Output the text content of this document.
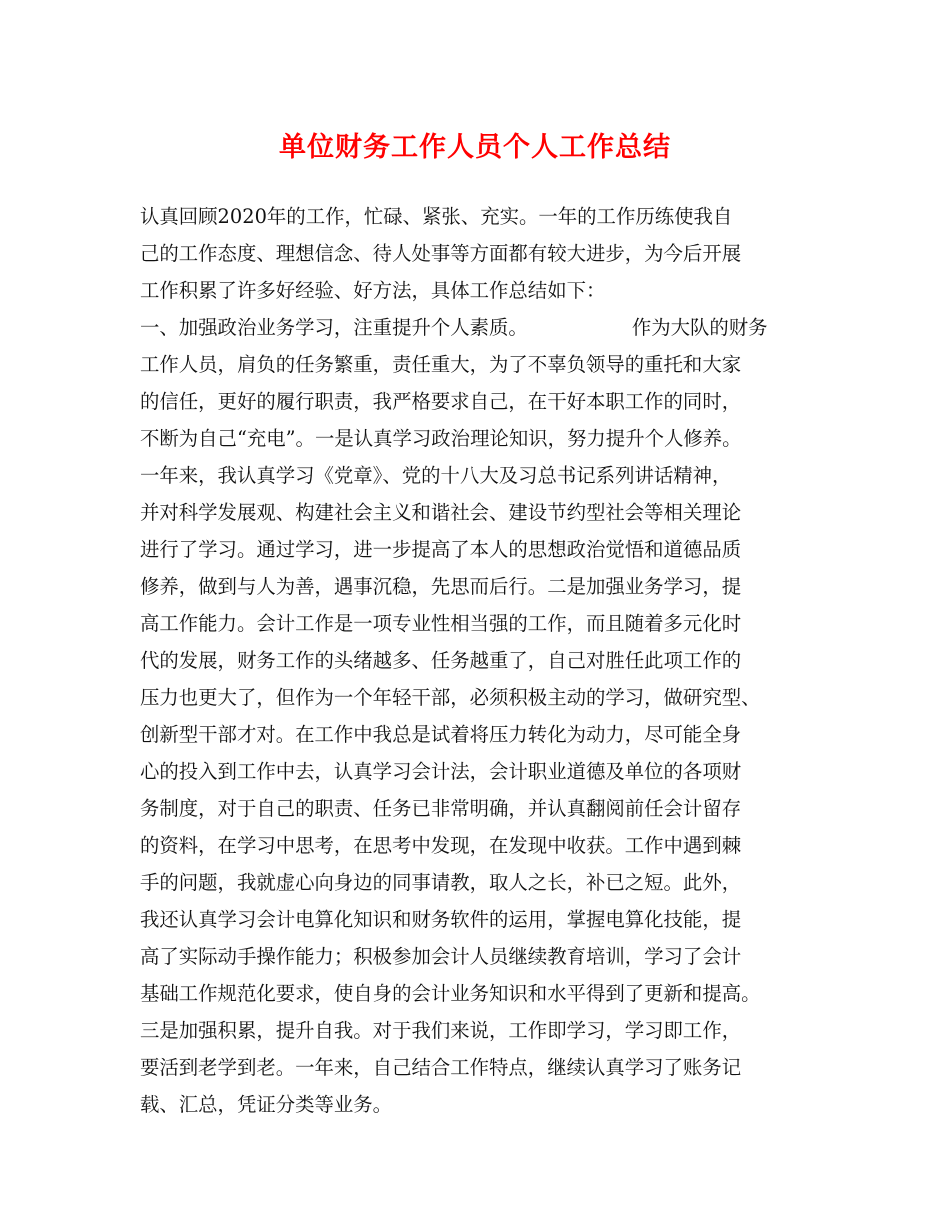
单位财务工作人员个人工作总结
认真回顾2020年的工作，忙碌、紧张、充实。一年的工作历练使我自
己的工作态度、理想信念、待人处事等方面都有较大进步，为今后开展
工作积累了许多好经验、好方法，具体工作总结如下：
一、加强政治业务学习，注重提升个人素质。	作为大队的财务
工作人员，肩负的任务繁重，责任重大，为了不辜负领导的重托和大家
的信任，更好的履行职责，我严格要求自己，在干好本职工作的同时，
不断为自己“充电”。一是认真学习政治理论知识，努力提升个人修养。
一年来，我认真学习《党章》、党的十八大及习总书记系列讲话精神，
并对科学发展观、构建社会主义和谐社会、建设节约型社会等相关理论
进行了学习。通过学习，进一步提高了本人的思想政治觉悟和道德品质
修养，做到与人为善，遇事沉稳，先思而后行。二是加强业务学习，提
高工作能力。会计工作是一项专业性相当强的工作，而且随着多元化时
代的发展，财务工作的头绪越多、任务越重了，自己对胜任此项工作的
压力也更大了，但作为一个年轻干部，必须积极主动的学习，做研究型、
创新型干部才对。在工作中我总是试着将压力转化为动力，尽可能全身
心的投入到工作中去，认真学习会计法，会计职业道德及单位的各项财
务制度，对于自己的职责、任务已非常明确，并认真翻阅前任会计留存
的资料，在学习中思考，在思考中发现，在发现中收获。工作中遇到棘
手的问题，我就虚心向身边的同事请教，取人之长，补已之短。此外，
我还认真学习会计电算化知识和财务软件的运用，掌握电算化技能，提
高了实际动手操作能力；积极参加会计人员继续教育培训，学习了会计
基础工作规范化要求，使自身的会计业务知识和水平得到了更新和提高。
三是加强积累，提升自我。对于我们来说，工作即学习，学习即工作，
要活到老学到老。一年来，自己结合工作特点，继续认真学习了账务记
载、汇总，凭证分类等业务。
